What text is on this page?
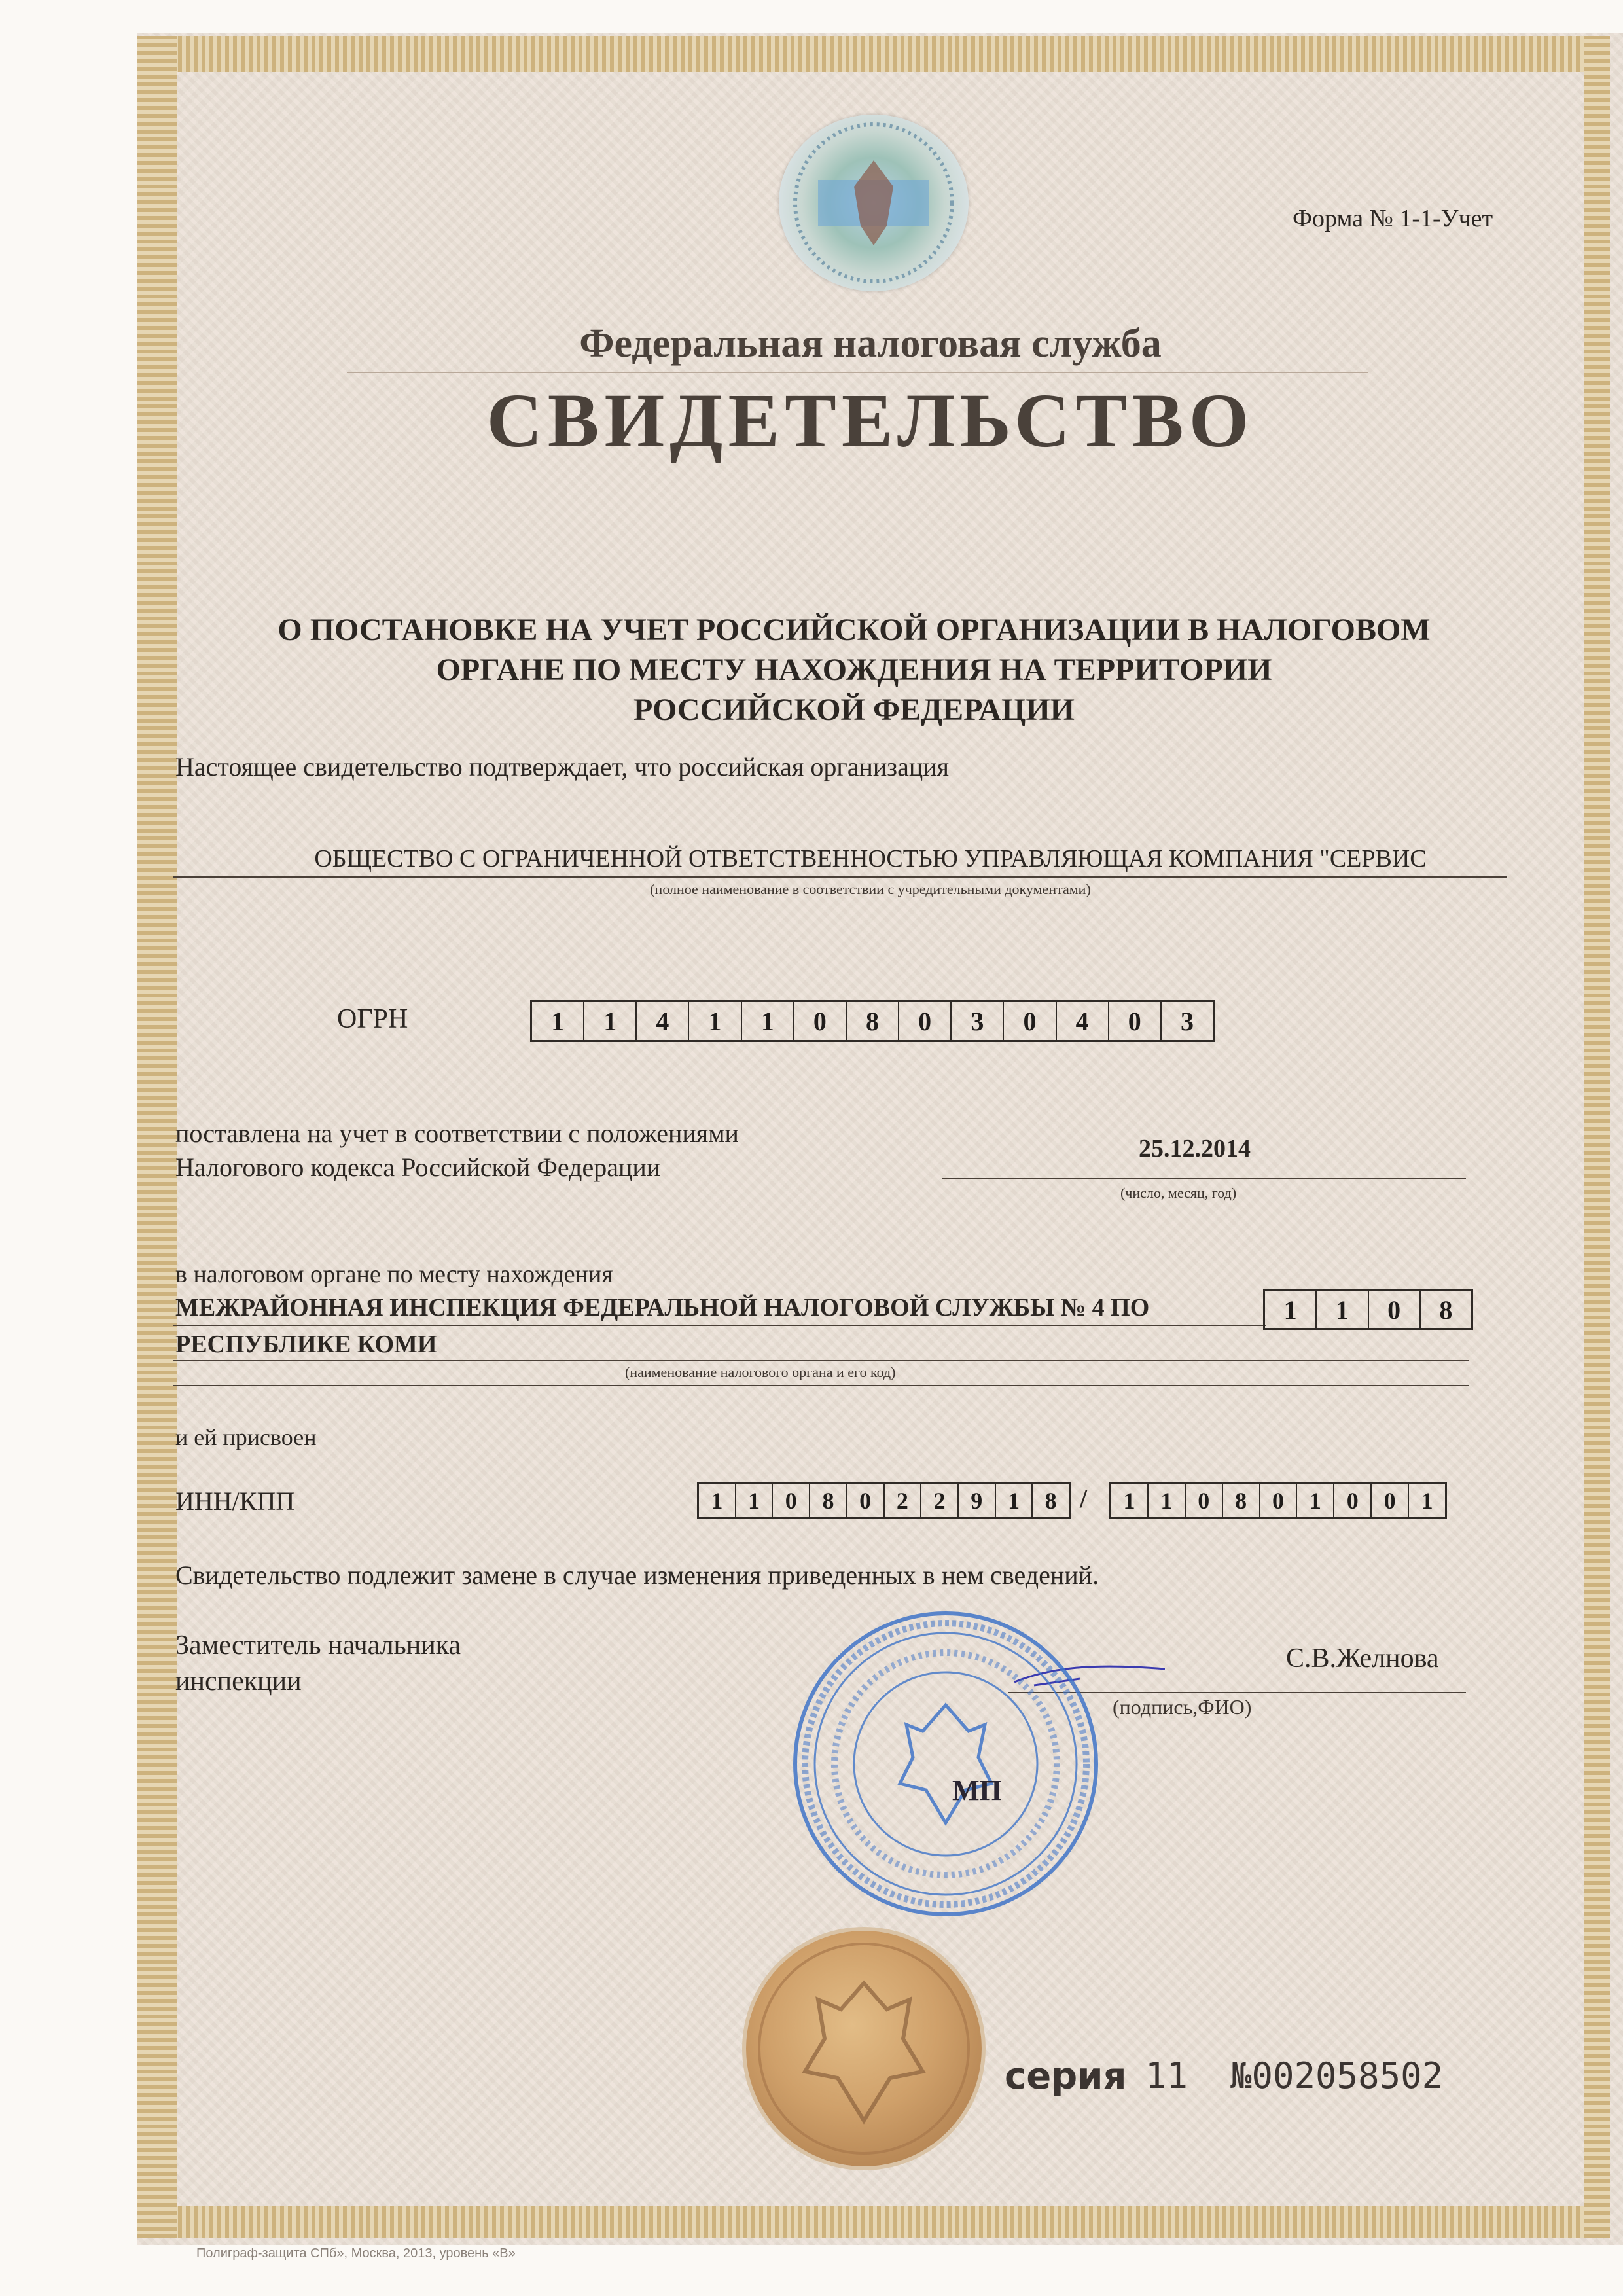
Форма № 1-1-Учет
Федеральная налоговая служба
СВИДЕТЕЛЬСТВО
О ПОСТАНОВКЕ НА УЧЕТ РОССИЙСКОЙ ОРГАНИЗАЦИИ В НАЛОГОВОМ
ОРГАНЕ ПО МЕСТУ НАХОЖДЕНИЯ НА ТЕРРИТОРИИ
РОССИЙСКОЙ ФЕДЕРАЦИИ
Настоящее свидетельство подтверждает, что российская организация
ОБЩЕСТВО С ОГРАНИЧЕННОЙ ОТВЕТСТВЕННОСТЬЮ УПРАВЛЯЮЩАЯ КОМПАНИЯ "СЕРВИС
(полное наименование в соответствии с учредительными документами)
ОГРН	1	1	4	1	1	0	8	0	3	0	4	0	3
поставлена на учет в соответствии с положениями
Налогового кодекса Российской Федерации
25.12.2014
(число, месяц, год)
в налоговом органе по месту нахождения
МЕЖРАЙОННАЯ ИНСПЕКЦИЯ ФЕДЕРАЛЬНОЙ НАЛОГОВОЙ СЛУЖБЫ № 4 ПО	1	1	0	8
РЕСПУБЛИКЕ КОМИ
(наименование налогового органа и его код)
и ей присвоен
ИНН/КПП	1	1	0	8	0	2	2	9	1	8 /	1	1	0	8	0	1	0	0	1
Свидетельство подлежит замене в случае изменения приведенных в нем сведений.
Заместитель начальника
инспекции
С.В.Желнова
(подпись,ФИО)
МП
серия 11 №002058502
Полиграф-защита СПб», Москва, 2013, уровень «В»
